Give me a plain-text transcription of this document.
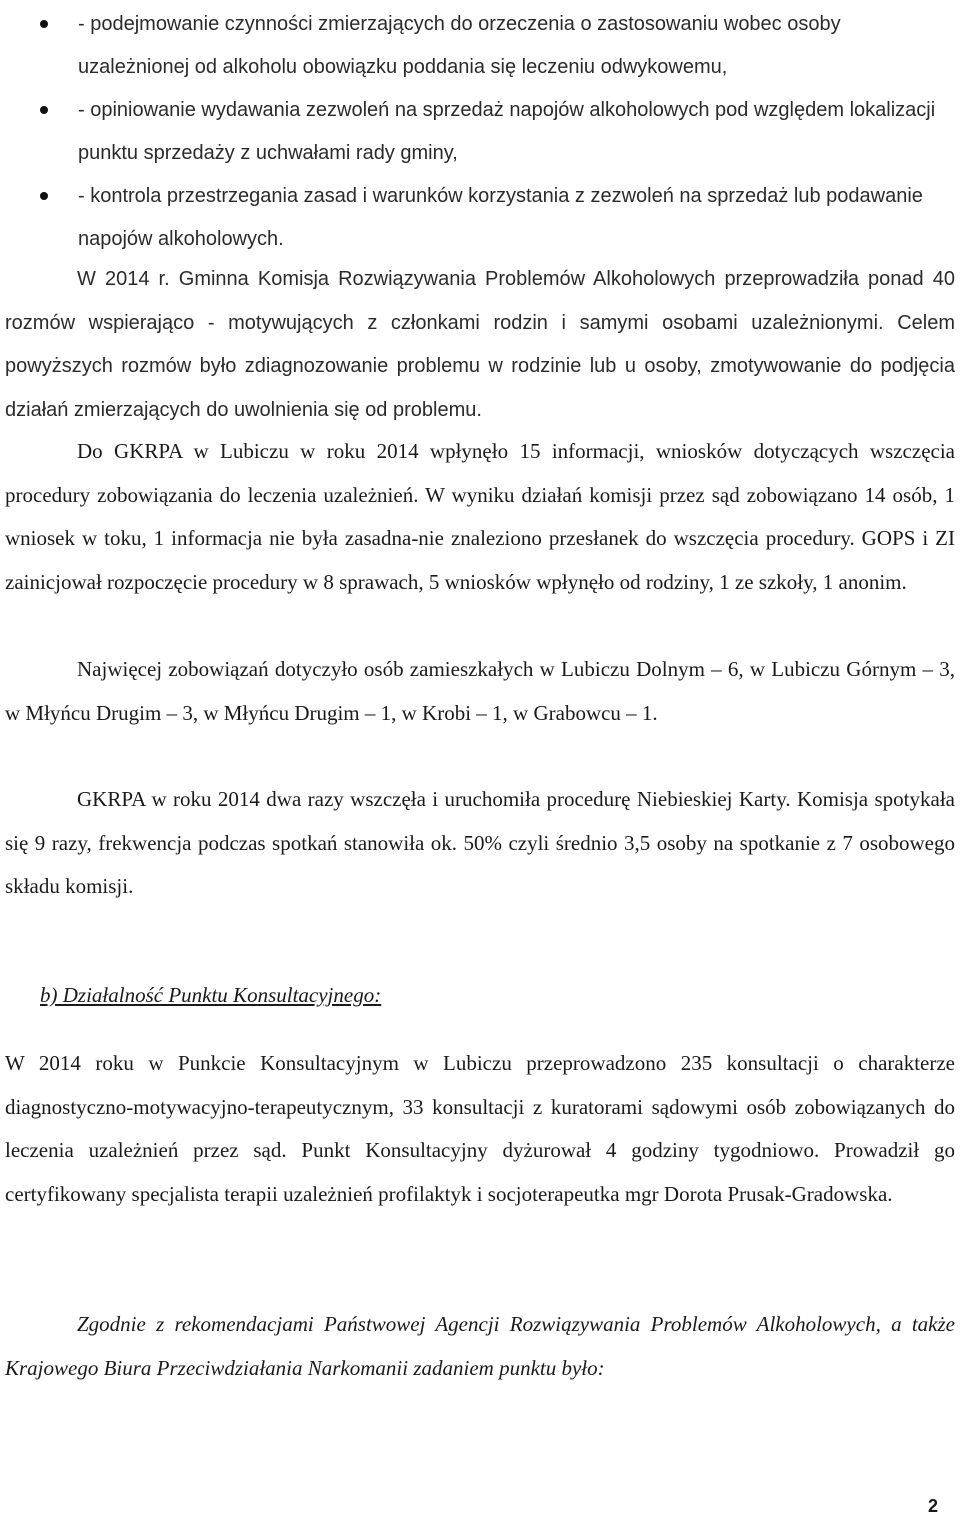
- podejmowanie czynności zmierzających do orzeczenia o zastosowaniu wobec osoby uzależnionej od alkoholu obowiązku poddania się leczeniu odwykowemu,
- opiniowanie wydawania zezwoleń na sprzedaż napojów alkoholowych pod względem lokalizacji punktu sprzedaży z uchwałami rady gminy,
- kontrola przestrzegania zasad i warunków korzystania z zezwoleń na sprzedaż lub podawanie napojów alkoholowych.

W 2014 r. Gminna Komisja Rozwiązywania Problemów Alkoholowych przeprowadziła ponad 40 rozmów wspierająco - motywujących z członkami rodzin i samymi osobami uzależnionymi. Celem powyższych rozmów było zdiagnozowanie problemu w rodzinie lub u osoby, zmotywowanie do podjęcia działań zmierzających do uwolnienia się od problemu.

Do GKRPA w Lubiczu w roku 2014 wpłynęło 15 informacji, wniosków dotyczących wszczęcia procedury zobowiązania do leczenia uzależnień. W wyniku działań komisji przez sąd zobowiązano 14 osób, 1 wniosek w toku, 1 informacja nie była zasadna-nie znaleziono przesłanek do wszczęcia procedury. GOPS i ZI zainicjował rozpoczęcie procedury w 8 sprawach, 5 wniosków wpłynęło od rodziny, 1 ze szkoły, 1 anonim.

Najwięcej zobowiązań dotyczyło osób zamieszkałych w Lubiczu Dolnym – 6, w Lubiczu Górnym – 3, w Młyńcu Drugim – 3, w Młyńcu Drugim – 1, w Krobi – 1, w Grabowcu – 1.

GKRPA w roku 2014 dwa razy wszczęła i uruchomiła procedurę Niebieskiej Karty. Komisja spotykała się 9 razy, frekwencja podczas spotkań stanowiła ok. 50% czyli średnio 3,5 osoby na spotkanie z 7 osobowego składu komisji.

b) Działalność Punktu Konsultacyjnego:

W 2014 roku w Punkcie Konsultacyjnym w Lubiczu przeprowadzono 235 konsultacji o charakterze diagnostyczno-motywacyjno-terapeutycznym, 33 konsultacji z kuratorami sądowymi osób zobowiązanych do leczenia uzależnień przez sąd. Punkt Konsultacyjny dyżurował 4 godziny tygodniowo. Prowadził go certyfikowany specjalista terapii uzależnień profilaktyk i socjoterapeutka mgr Dorota Prusak-Gradowska.

Zgodnie z rekomendacjami Państwowej Agencji Rozwiązywania Problemów Alkoholowych, a także Krajowego Biura Przeciwdziałania Narkomanii zadaniem punktu było:

2
